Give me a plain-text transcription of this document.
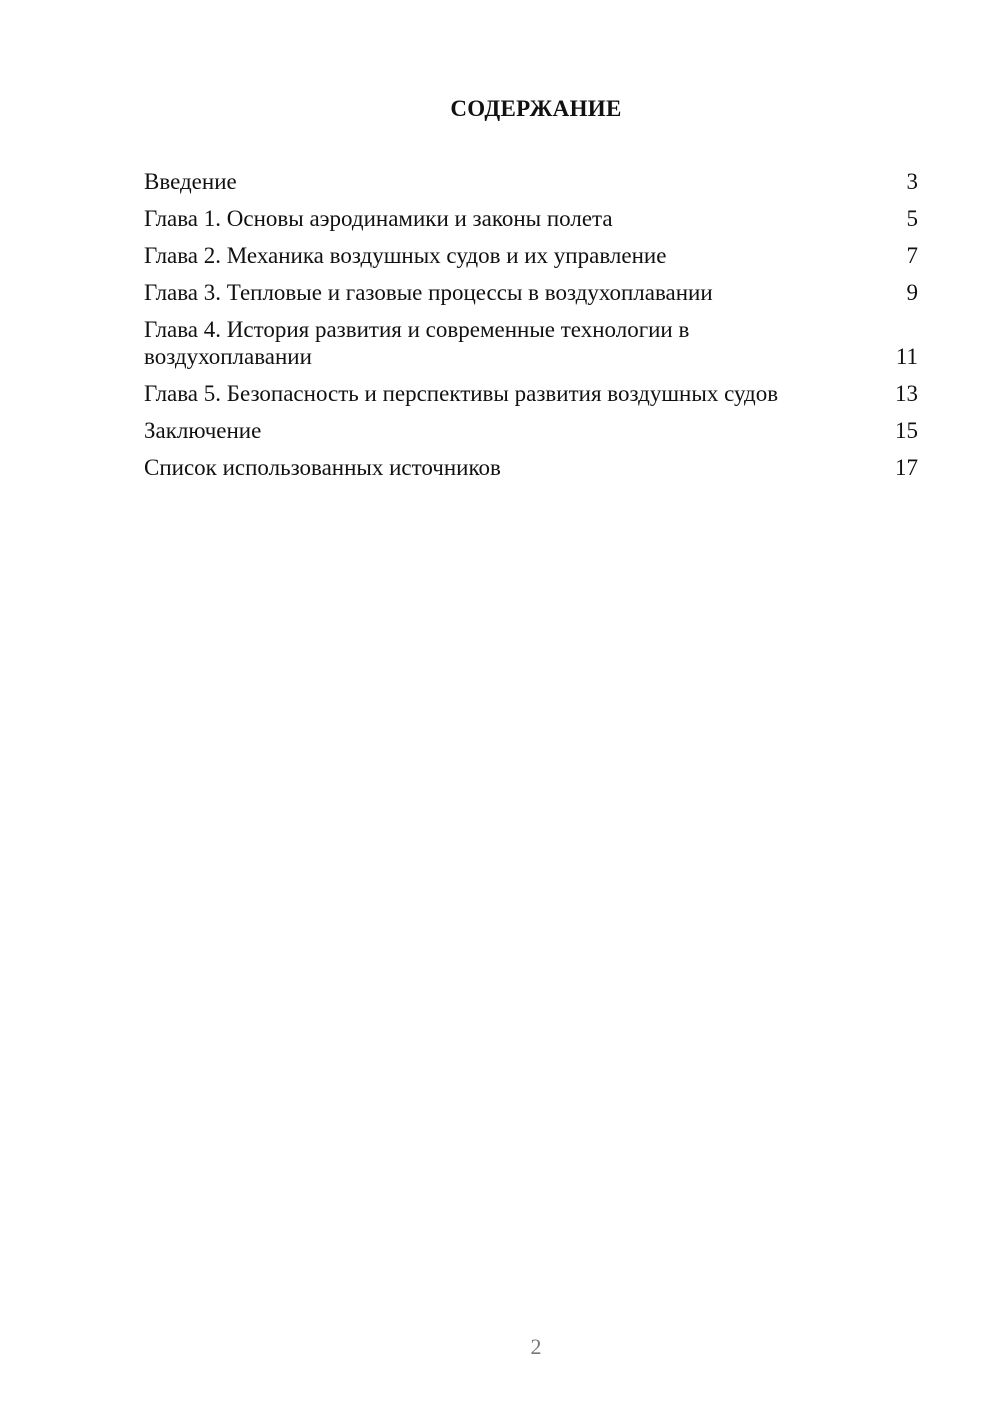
СОДЕРЖАНИЕ
Введение	3
Глава 1. Основы аэродинамики и законы полета	5
Глава 2. Механика воздушных судов и их управление	7
Глава 3. Тепловые и газовые процессы в воздухоплавании	9
Глава 4. История развития и современные технологии в воздухоплавании	11
Глава 5. Безопасность и перспективы развития воздушных судов	13
Заключение	15
Список использованных источников	17
2
